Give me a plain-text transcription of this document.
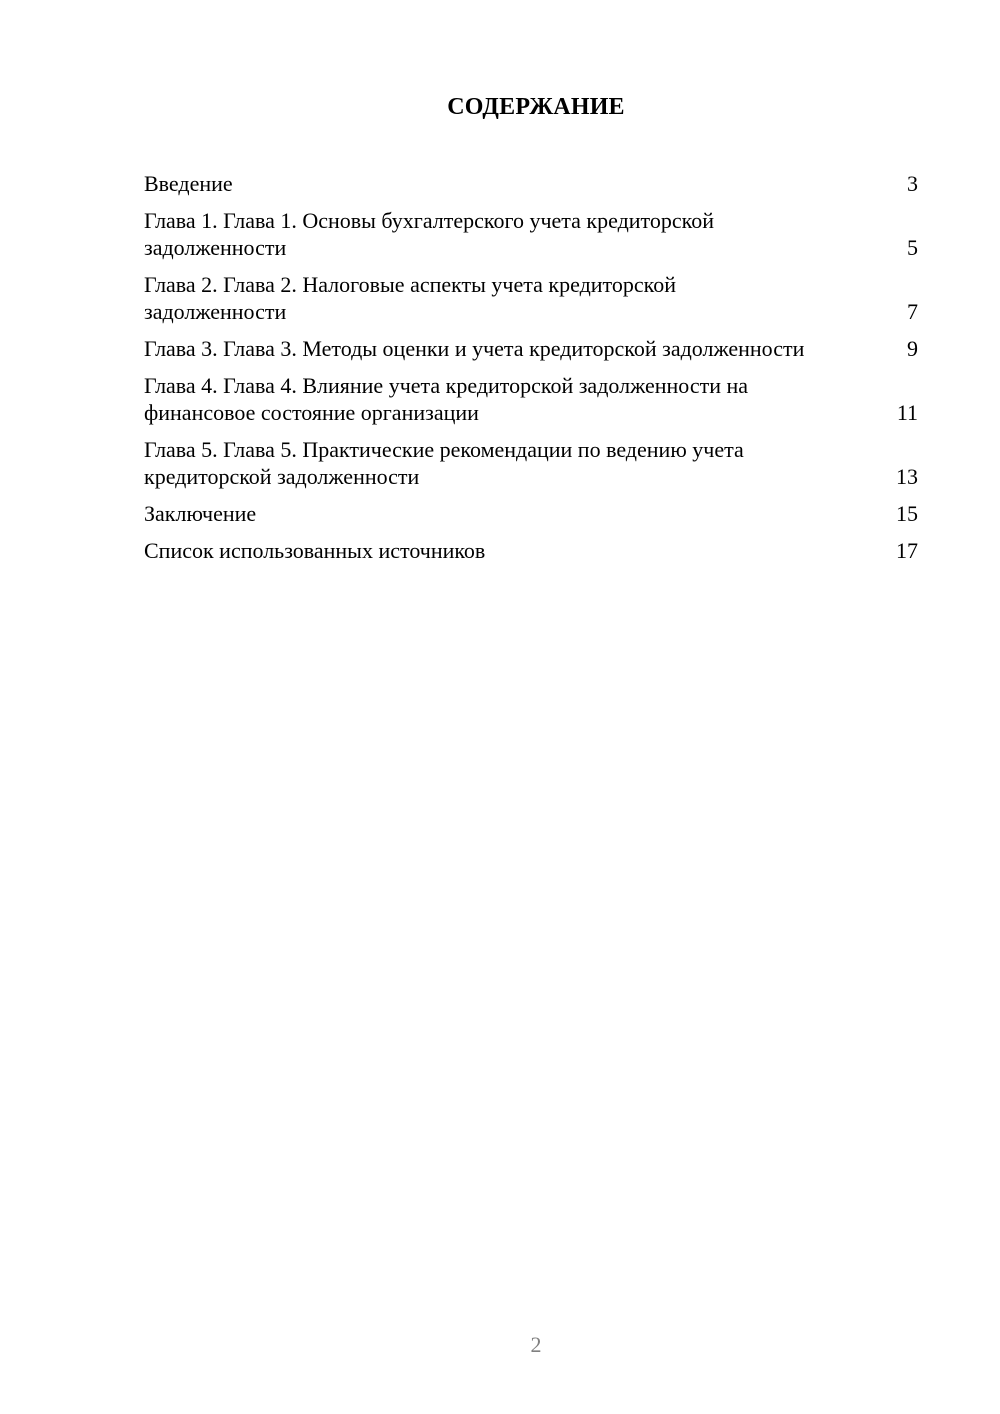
СОДЕРЖАНИЕ
Введение	3
Глава 1. Глава 1. Основы бухгалтерского учета кредиторской задолженности	5
Глава 2. Глава 2. Налоговые аспекты учета кредиторской задолженности	7
Глава 3. Глава 3. Методы оценки и учета кредиторской задолженности	9
Глава 4. Глава 4. Влияние учета кредиторской задолженности на финансовое состояние организации	11
Глава 5. Глава 5. Практические рекомендации по ведению учета кредиторской задолженности	13
Заключение	15
Список использованных источников	17
2
